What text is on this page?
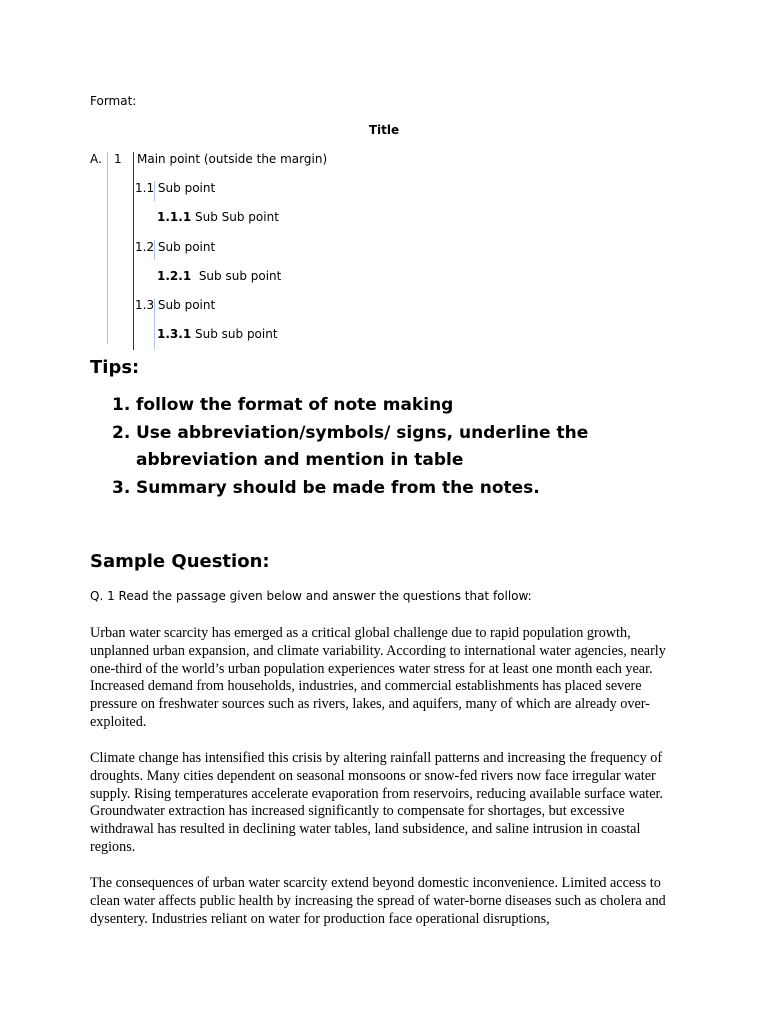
Format:
Title
A. 1 Main point (outside the margin)
1.1 Sub point
1.1.1 Sub Sub point
1.2 Sub point
1.2.1 Sub sub point
1.3 Sub point
1.3.1 Sub sub point
Tips:
1. follow the format of note making
2. Use abbreviation/symbols/ signs, underline the abbreviation and mention in table
3. Summary should be made from the notes.
Sample Question:
Q. 1 Read the passage given below and answer the questions that follow:

Urban water scarcity has emerged as a critical global challenge due to rapid population growth, unplanned urban expansion, and climate variability. According to international water agencies, nearly one-third of the world’s urban population experiences water stress for at least one month each year. Increased demand from households, industries, and commercial establishments has placed severe pressure on freshwater sources such as rivers, lakes, and aquifers, many of which are already over-exploited.

Climate change has intensified this crisis by altering rainfall patterns and increasing the frequency of droughts. Many cities dependent on seasonal monsoons or snow-fed rivers now face irregular water supply. Rising temperatures accelerate evaporation from reservoirs, reducing available surface water. Groundwater extraction has increased significantly to compensate for shortages, but excessive withdrawal has resulted in declining water tables, land subsidence, and saline intrusion in coastal regions.

The consequences of urban water scarcity extend beyond domestic inconvenience. Limited access to clean water affects public health by increasing the spread of water-borne diseases such as cholera and dysentery. Industries reliant on water for production face operational disruptions,
